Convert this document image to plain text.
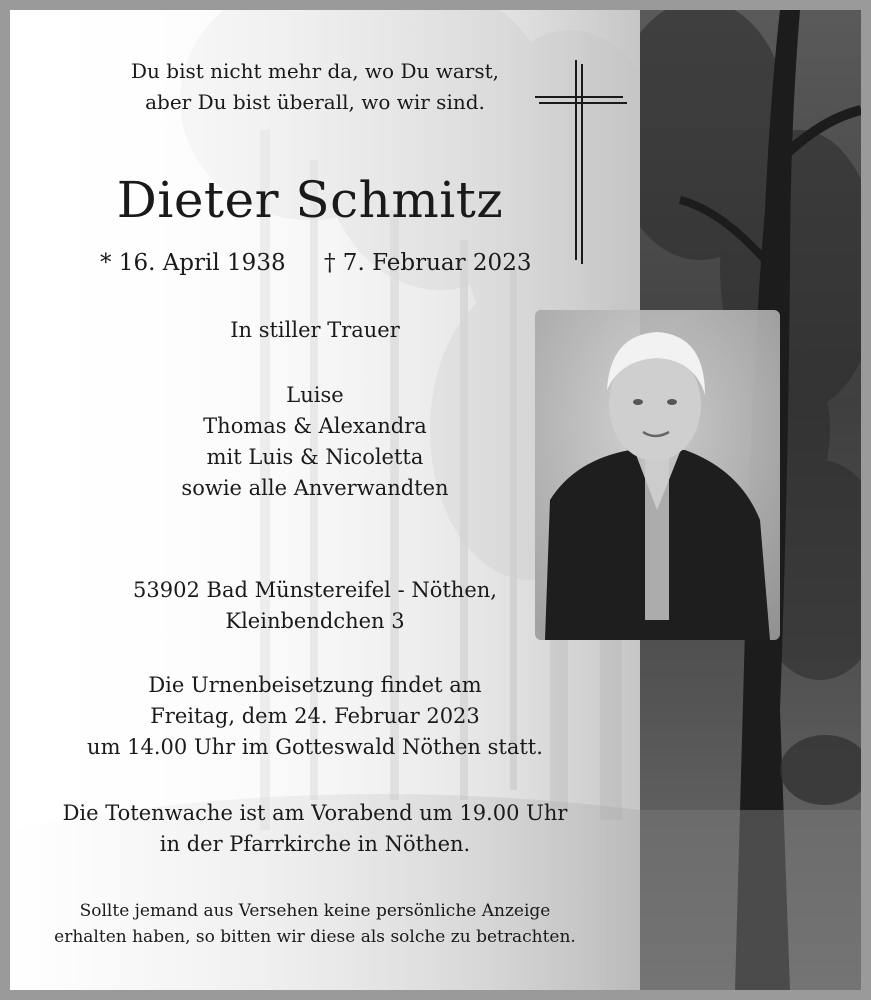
Du bist nicht mehr da, wo Du warst,
aber Du bist überall, wo wir sind.
Dieter Schmitz
* 16. April 1938 † 7. Februar 2023

In stiller Trauer

Luise

Thomas & Alexandra

mit Luis & Nicoletta

sowie alle Anverwandten

53902 Bad Münstereifel - Nöthen,

Kleinbendchen 3

Die Urnenbeisetzung findet am

Freitag, dem 24. Februar 2023

um 14.00 Uhr im Gotteswald Nöthen statt.

Die Totenwache ist am Vorabend um 19.00 Uhr

in der Pfarrkirche in Nöthen.

Sollte jemand aus Versehen keine persönliche Anzeige

erhalten haben, so bitten wir diese als solche zu betrachten.
